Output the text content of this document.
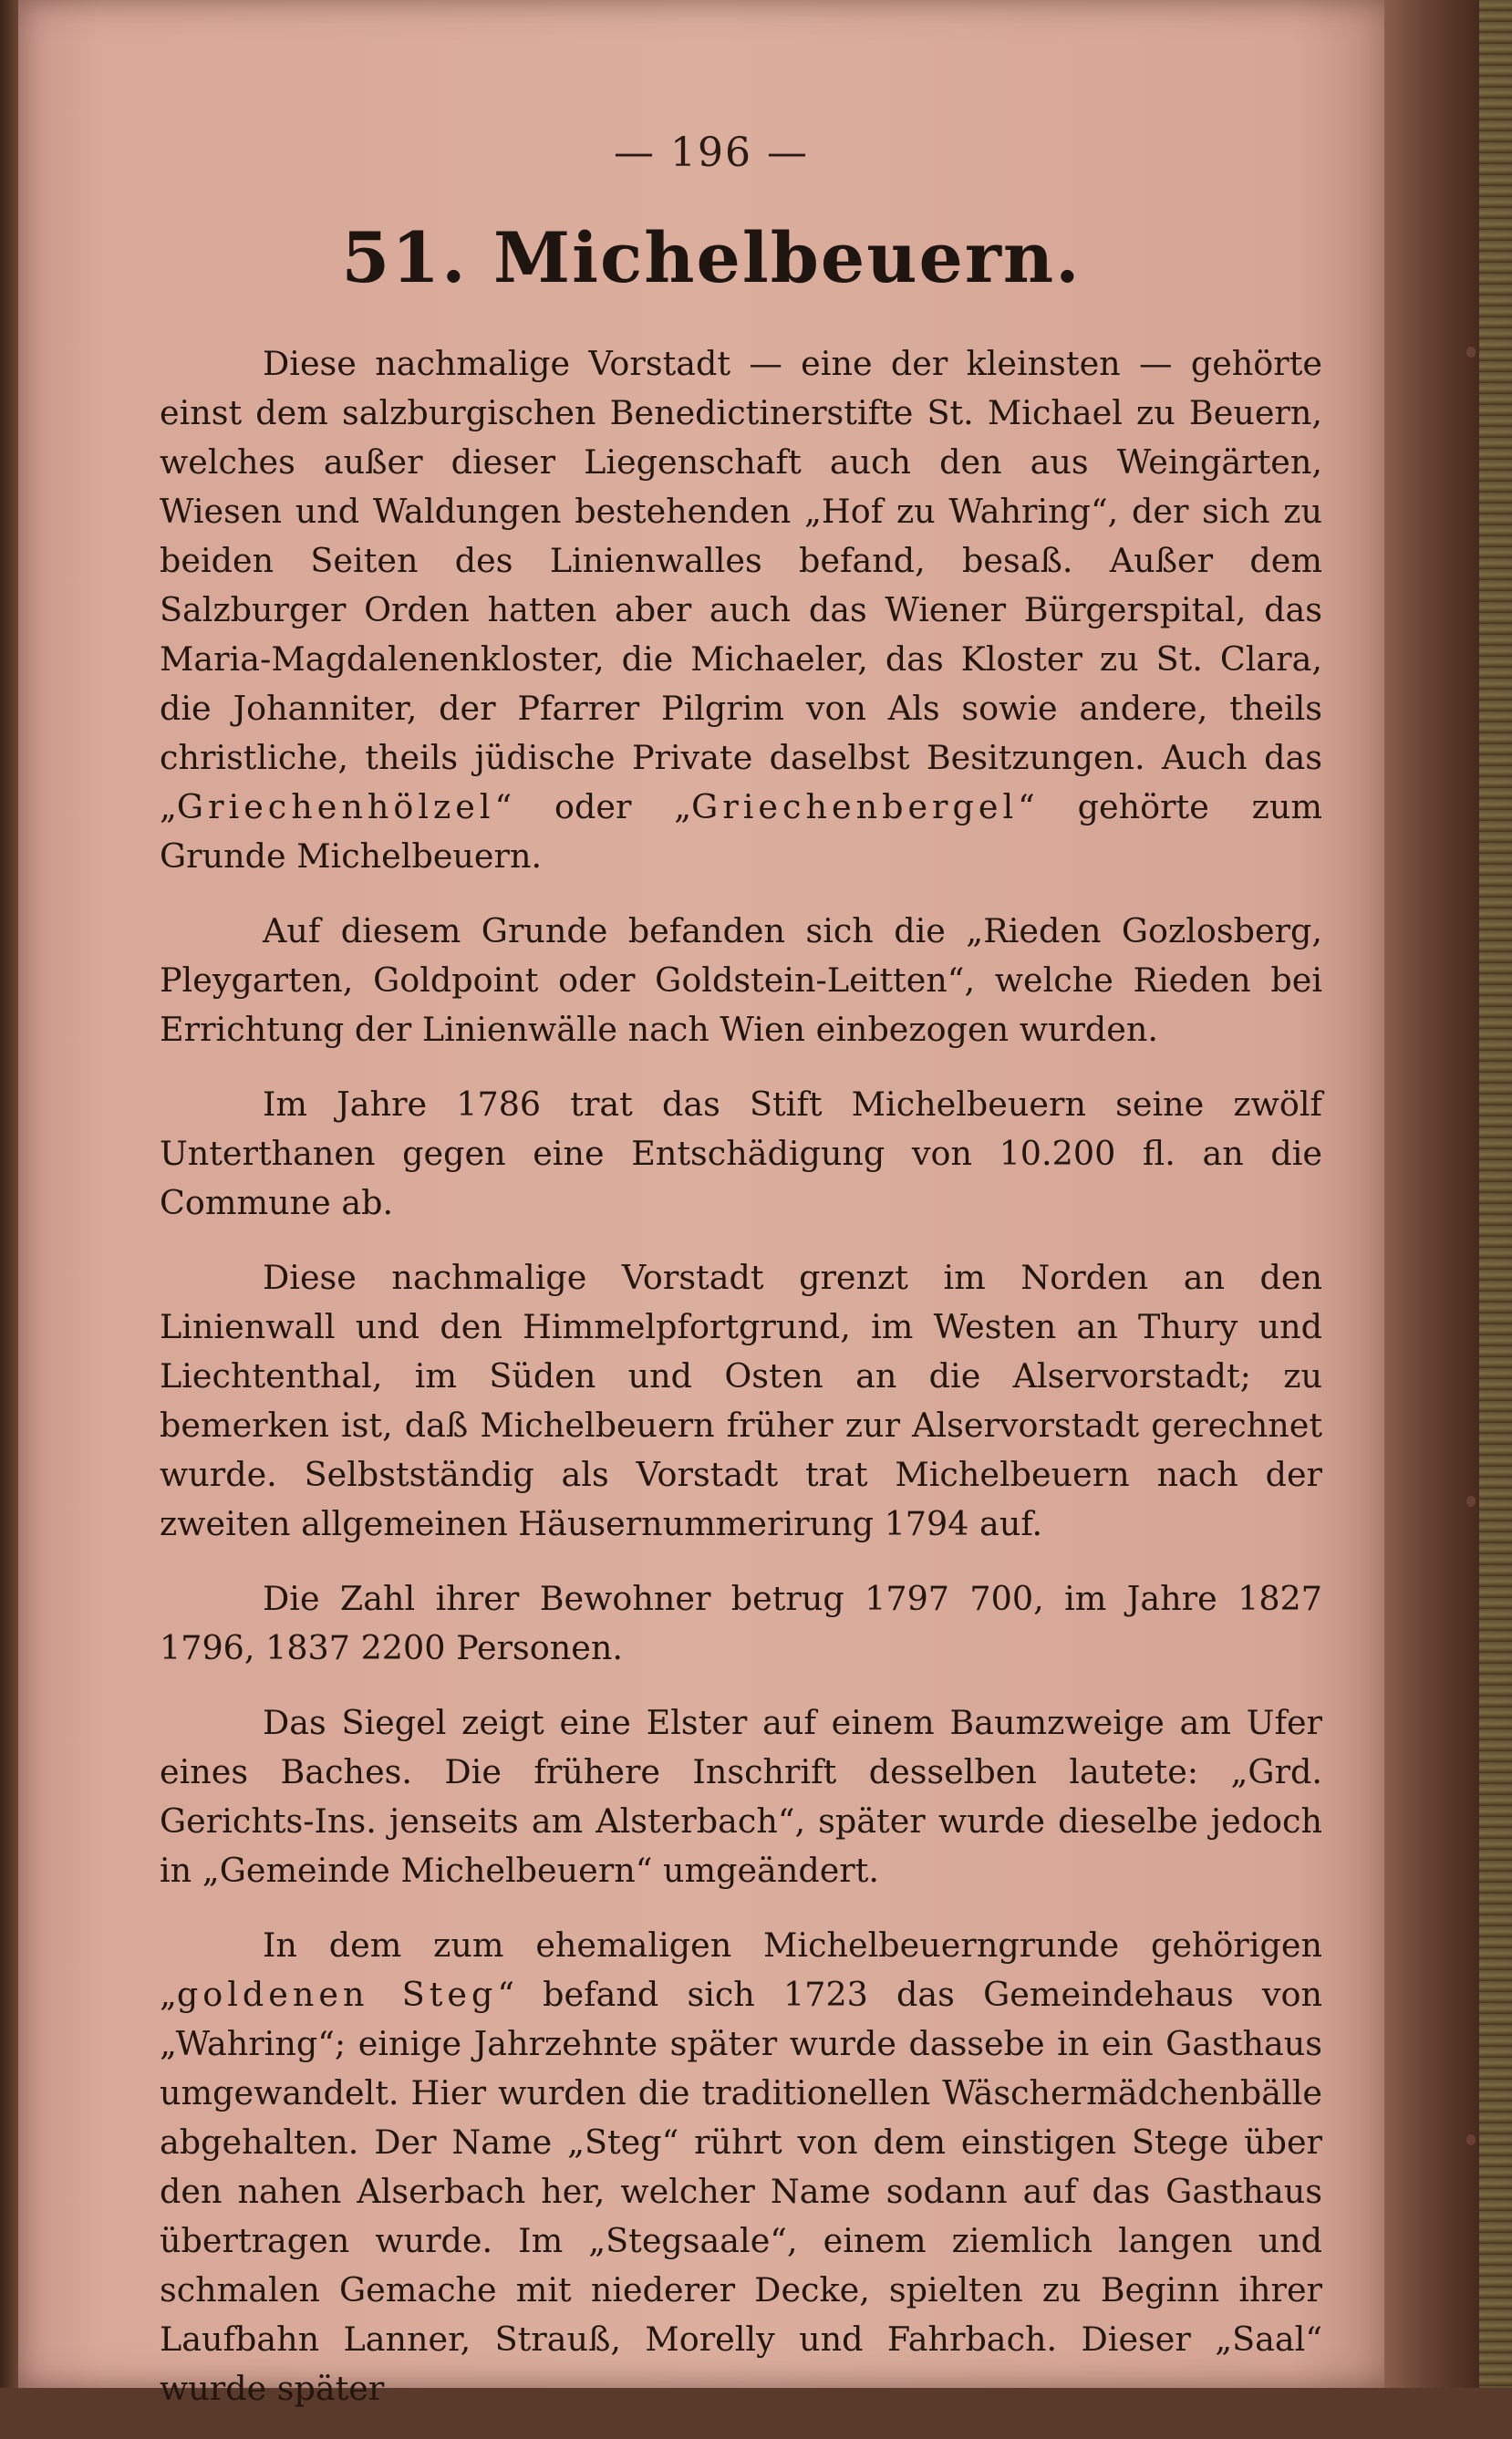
— 196 —
51. Michelbeuern.

Diese nachmalige Vorstadt — eine der kleinsten — gehörte einst dem salzburgischen Benedictinerstifte St. Michael zu Beuern, welches außer dieser Liegenschaft auch den aus Weingärten, Wiesen und Waldungen bestehenden „Hof zu Wahring“, der sich zu beiden Seiten des Linienwalles befand, besaß. Außer dem Salzburger Orden hatten aber auch das Wiener Bürgerspital, das Maria-Magdalenenkloster, die Michaeler, das Kloster zu St. Clara, die Johanniter, der Pfarrer Pilgrim von Als sowie andere, theils christliche, theils jüdische Private daselbst Besitzungen. Auch das „Griechenhölzel“ oder „Griechenbergel“ gehörte zum Grunde Michelbeuern.

Auf diesem Grunde befanden sich die „Rieden Gozlosberg, Pleygarten, Goldpoint oder Goldstein-Leitten“, welche Rieden bei Errichtung der Linienwälle nach Wien einbezogen wurden.

Im Jahre 1786 trat das Stift Michelbeuern seine zwölf Unterthanen gegen eine Entschädigung von 10.200 fl. an die Commune ab.

Diese nachmalige Vorstadt grenzt im Norden an den Linienwall und den Himmelpfortgrund, im Westen an Thury und Liechtenthal, im Süden und Osten an die Alservorstadt; zu bemerken ist, daß Michelbeuern früher zur Alservorstadt gerechnet wurde. Selbstständig als Vorstadt trat Michelbeuern nach der zweiten allgemeinen Häusernummerirung 1794 auf.

Die Zahl ihrer Bewohner betrug 1797 700, im Jahre 1827 1796, 1837 2200 Personen.

Das Siegel zeigt eine Elster auf einem Baumzweige am Ufer eines Baches. Die frühere Inschrift desselben lautete: „Grd. Gerichts-Ins. jenseits am Alsterbach“, später wurde dieselbe jedoch in „Gemeinde Michelbeuern“ umgeändert.

In dem zum ehemaligen Michelbeuerngrunde gehörigen „goldenen Steg“ befand sich 1723 das Gemeindehaus von „Wahring“; einige Jahrzehnte später wurde dassebe in ein Gasthaus umgewandelt. Hier wurden die traditionellen Wäschermädchenbälle abgehalten. Der Name „Steg“ rührt von dem einstigen Stege über den nahen Alserbach her, welcher Name sodann auf das Gasthaus übertragen wurde. Im „Stegsaale“, einem ziemlich langen und schmalen Gemache mit niederer Decke, spielten zu Beginn ihrer Laufbahn Lanner, Strauß, Morelly und Fahrbach. Dieser „Saal“ wurde später
